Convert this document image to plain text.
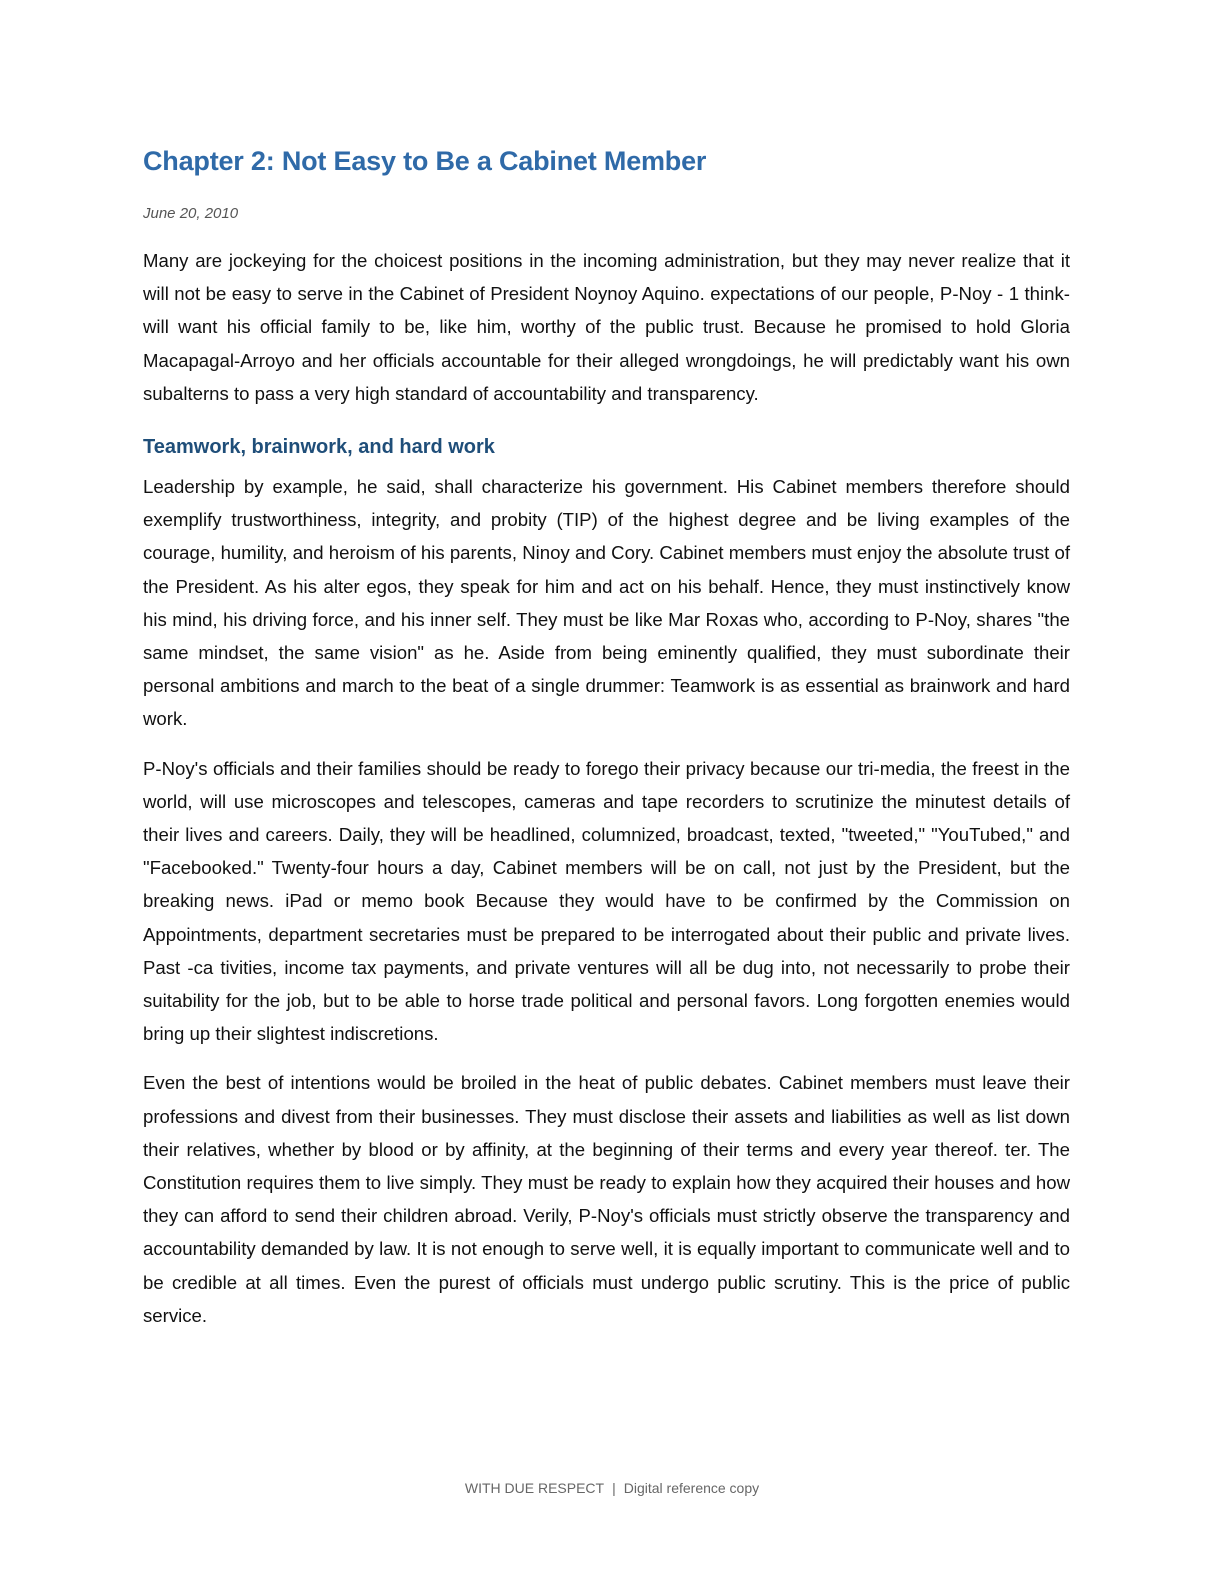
Chapter 2: Not Easy to Be a Cabinet Member
June 20, 2010

Many are jockeying for the choicest positions in the incoming administration, but they may never realize that it will not be easy to serve in the Cabinet of President Noynoy Aquino. expectations of our people, P-Noy - 1 think-will want his official family to be, like him, worthy of the public trust. Because he promised to hold Gloria Macapagal-Arroyo and her officials accountable for their alleged wrongdoings, he will predictably want his own subalterns to pass a very high standard of accountability and transparency.

Teamwork, brainwork, and hard work

Leadership by example, he said, shall characterize his government. His Cabinet members therefore should exemplify trustworthiness, integrity, and probity (TIP) of the highest degree and be living examples of the courage, humility, and heroism of his parents, Ninoy and Cory. Cabinet members must enjoy the absolute trust of the President. As his alter egos, they speak for him and act on his behalf. Hence, they must instinctively know his mind, his driving force, and his inner self. They must be like Mar Roxas who, according to P-Noy, shares "the same mindset, the same vision" as he. Aside from being eminently qualified, they must subordinate their personal ambitions and march to the beat of a single drummer: Teamwork is as essential as brainwork and hard work.

P-Noy's officials and their families should be ready to forego their privacy because our tri-media, the freest in the world, will use microscopes and telescopes, cameras and tape recorders to scrutinize the minutest details of their lives and careers. Daily, they will be headlined, columnized, broadcast, texted, "tweeted," "YouTubed," and "Facebooked." Twenty-four hours a day, Cabinet members will be on call, not just by the President, but the breaking news. iPad or memo book Because they would have to be confirmed by the Commission on Appointments, department secretaries must be prepared to be interrogated about their public and private lives. Past -ca tivities, income tax payments, and private ventures will all be dug into, not necessarily to probe their suitability for the job, but to be able to horse trade political and personal favors. Long forgotten enemies would bring up their slightest indiscretions.

Even the best of intentions would be broiled in the heat of public debates. Cabinet members must leave their professions and divest from their businesses. They must disclose their assets and liabilities as well as list down their relatives, whether by blood or by affinity, at the beginning of their terms and every year thereof. ter. The Constitution requires them to live simply. They must be ready to explain how they acquired their houses and how they can afford to send their children abroad. Verily, P-Noy's officials must strictly observe the transparency and accountability demanded by law. It is not enough to serve well, it is equally important to communicate well and to be credible at all times. Even the purest of officials must undergo public scrutiny. This is the price of public service.

WITH DUE RESPECT | Digital reference copy
